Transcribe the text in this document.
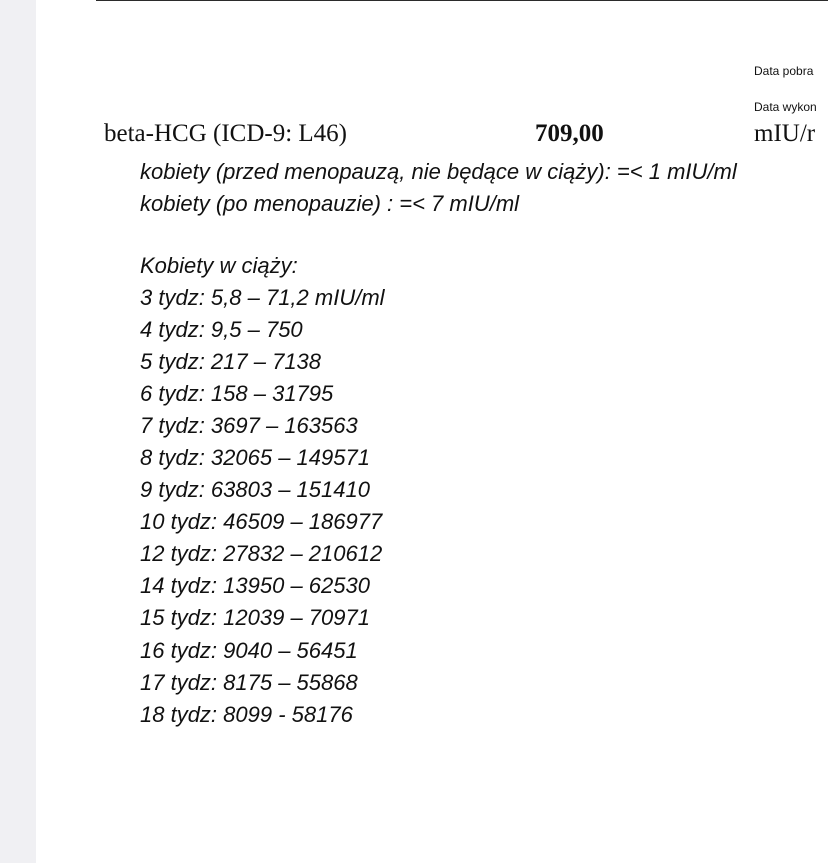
Data pobra
Data wykon
beta-HCG (ICD-9: L46)	709,00	mIU/r
kobiety (przed menopauzą, nie będące w ciąży): =< 1 mIU/ml
kobiety (po menopauzie) : =< 7 mIU/ml
Kobiety w ciąży:
3 tydz: 5,8 – 71,2 mIU/ml
4 tydz: 9,5 – 750
5 tydz: 217 – 7138
6 tydz: 158 – 31795
7 tydz: 3697 – 163563
8 tydz: 32065 – 149571
9 tydz: 63803 – 151410
10 tydz: 46509 – 186977
12 tydz: 27832 – 210612
14 tydz: 13950 – 62530
15 tydz: 12039 – 70971
16 tydz: 9040 – 56451
17 tydz: 8175 – 55868
18 tydz: 8099 - 58176
